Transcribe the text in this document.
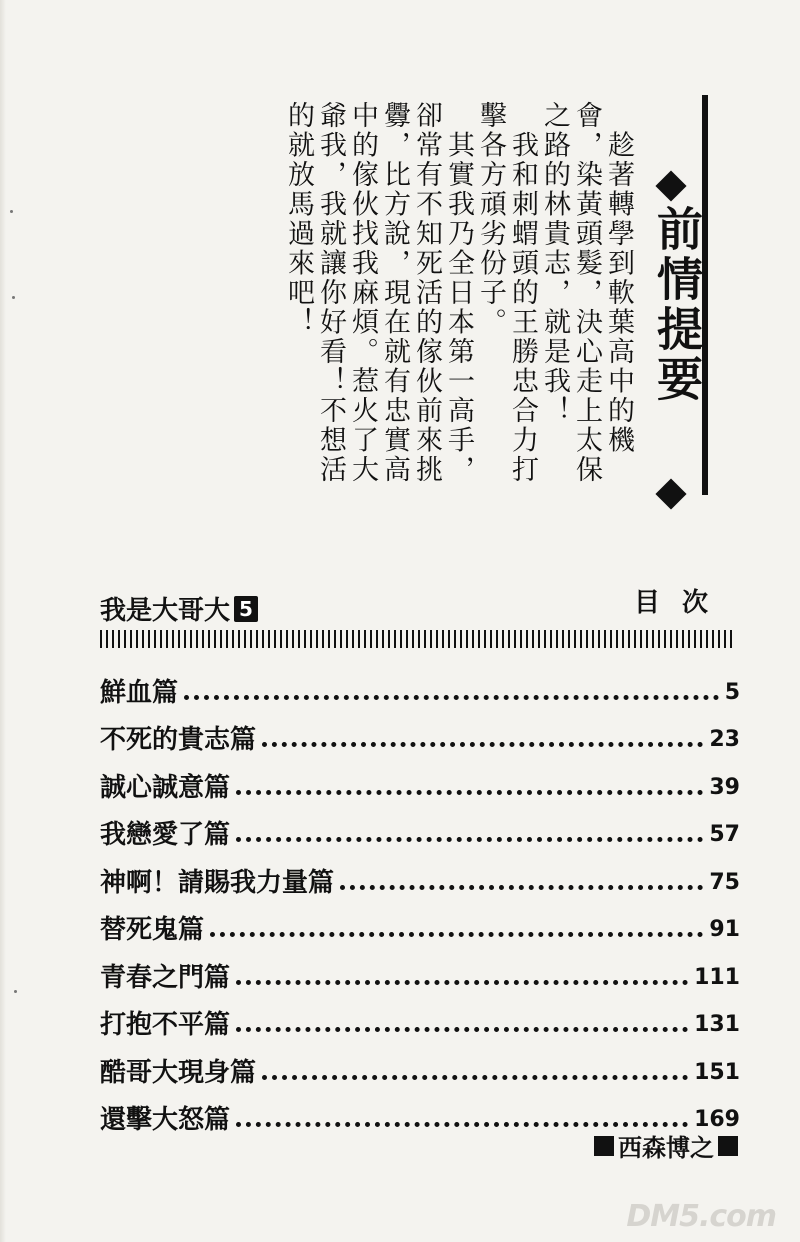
前情提要

　趁著轉學到軟葉高中的機會，染黃頭髮，決心走上太保之路的林貴志，就是我！

　我和刺蝟頭的王勝忠合力打擊各方頑劣份子。

　其實我乃全日本第一高手，卻常有不知死活的傢伙前來挑釁，比方說，現在就有忠實高中的傢伙找我麻煩。惹火了大爺我，我就讓你好看！不想活的就放馬過來吧！

我是大哥大 5	目次
鮮血篇	5
不死的貴志篇	23
誠心誠意篇	39
我戀愛了篇	57
神啊！請賜我力量篇	75
替死鬼篇	91
青春之門篇	111
打抱不平篇	131
酷哥大現身篇	151
還擊大怒篇	169
西森博之
DM5.com
